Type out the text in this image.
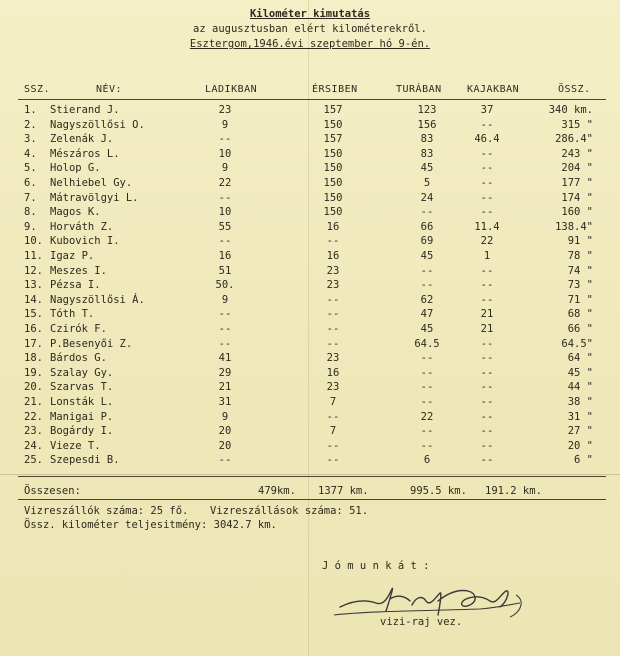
Kilométer kimutatás
az augusztusban elért kilométerekről.
Esztergom,1946.évi szeptember hó 9-én.
SSZ.	NÉV:	LADIKBAN	ÉRSIBEN	TURÁBAN	KAJAKBAN	ÖSSZ.
1. Stierand J.	23	157	123	37	340 km.
2. Nagyszöllősi O.	9	150	156	--	315 "
3. Zelenák J.	--	157	83	46.4	286.4"
4. Mészáros L.	10	150	83	--	243 "
5. Holop G.	9	150	45	--	204 "
6. Nelhiebel Gy.	22	150	5	--	177 "
7. Mátravölgyi L.	--	150	24	--	174 "
8. Magos K.	10	150	--	--	160 "
9. Horváth Z.	55	16	66	11.4	138.4"
10. Kubovich I.	--	--	69	22	91 "
11. Igaz P.	16	16	45	1	78 "
12. Meszes I.	51	23	--	--	74 "
13. Pézsa I.	50.	23	--	--	73 "
14. Nagyszöllősi Á.	9	--	62	--	71 "
15. Tóth T.	--	--	47	21	68 "
16. Czirók F.	--	--	45	21	66 "
17. P.Besenyői Z.	--	--	64.5	--	64.5"
18. Bárdos G.	41	23	--	--	64 "
19. Szalay Gy.	29	16	--	--	45 "
20. Szarvas T.	21	23	--	--	44 "
21. Lonsták L.	31	7	--	--	38 "
22. Manigai P.	9	--	22	--	31 "
23. Bogárdy I.	20	7	--	--	27 "
24. Vieze T.	20	--	--	--	20 "
25. Szepesdi B.	--	--	6	--	6 "
Összesen:	479km. 1377 km.	995.5 km. 191.2 km.
Vizreszállók száma: 25 fő. Vizreszállások száma: 51.
Össz. kilométer teljesitmény: 3042.7 km.
J ó m u n k á t :
vizi-raj vez.
